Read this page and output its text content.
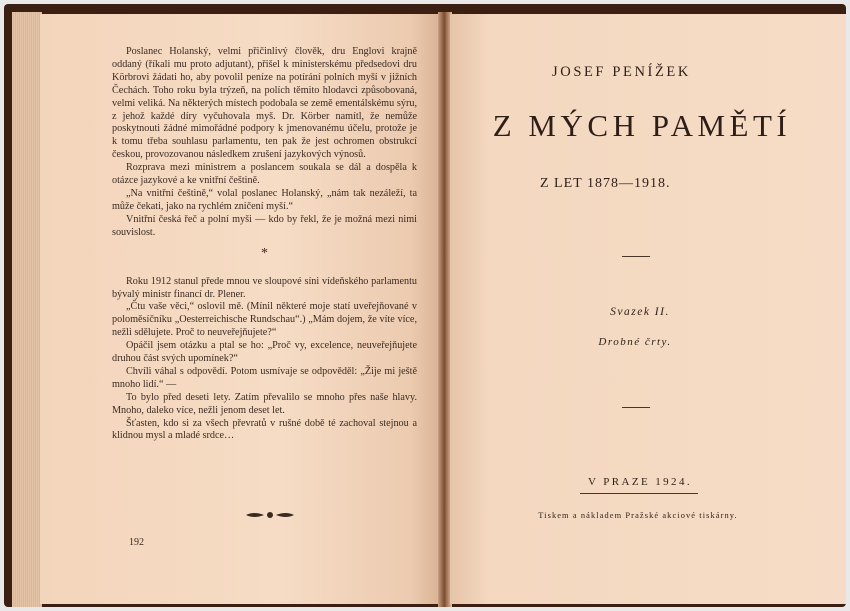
Poslanec Holanský, velmi přičinlivý člověk, dru Englovi krajně oddaný (říkali mu proto adjutant), přišel k ministerskému předsedovi dru Körbrovi žádati ho, aby povolil peníze na potírání polních myší v jižních Čechách. Toho roku byla trýzeň, na polích těmito hlodavci způsobovaná, velmi veliká. Na některých místech podobala se země ementálskému sýru, z jehož každé díry vyčuhovala myš. Dr. Körber namítl, že nemůže poskytnouti žádné mimořádné podpory k jmenovanému účelu, protože je k tomu třeba souhlasu parlamentu, ten pak že jest ochromen obstrukcí českou, provozovanou následkem zrušení jazykových výnosů.

Rozprava mezi ministrem a poslancem soukala se dál a dospěla k otázce jazykové a ke vnitřní češtině.

„Na vnitřní češtině,“ volal poslanec Holanský, „nám tak nezáleží, ta může čekati, jako na rychlém zničení myší.“

Vnitřní česká řeč a polní myši — kdo by řekl, že je možná mezi nimi souvislost.

*

Roku 1912 stanul přede mnou ve sloupové síni vídeňského parlamentu bývalý ministr financí dr. Plener.

„Čtu vaše věci,“ oslovil mě. (Mínil některé moje statí uveřejňované v poloměsíčníku „Oesterreichische Rundschau“.) „Mám dojem, že víte více, nežli sdělujete. Proč to neuveřejňujete?“

Opáčil jsem otázku a ptal se ho: „Proč vy, excelence, neuveřejňujete druhou část svých upomínek?“

Chvíli váhal s odpovědí. Potom usmívaje se odpověděl: „Žije mi ještě mnoho lidí.“ —

To bylo před deseti lety. Zatím převalilo se mnoho přes naše hlavy. Mnoho, daleko více, nežli jenom deset let.

Šťasten, kdo si za všech převratů v rušné době té zachoval stejnou a klidnou mysl a mladé srdce…

192
JOSEF PENÍŽEK
Z MÝCH PAMĚTÍ
Z LET 1878—1918.
Svazek II.
Drobné črty.
V PRAZE 1924.
Tiskem a nákladem Pražské akciové tiskárny.
